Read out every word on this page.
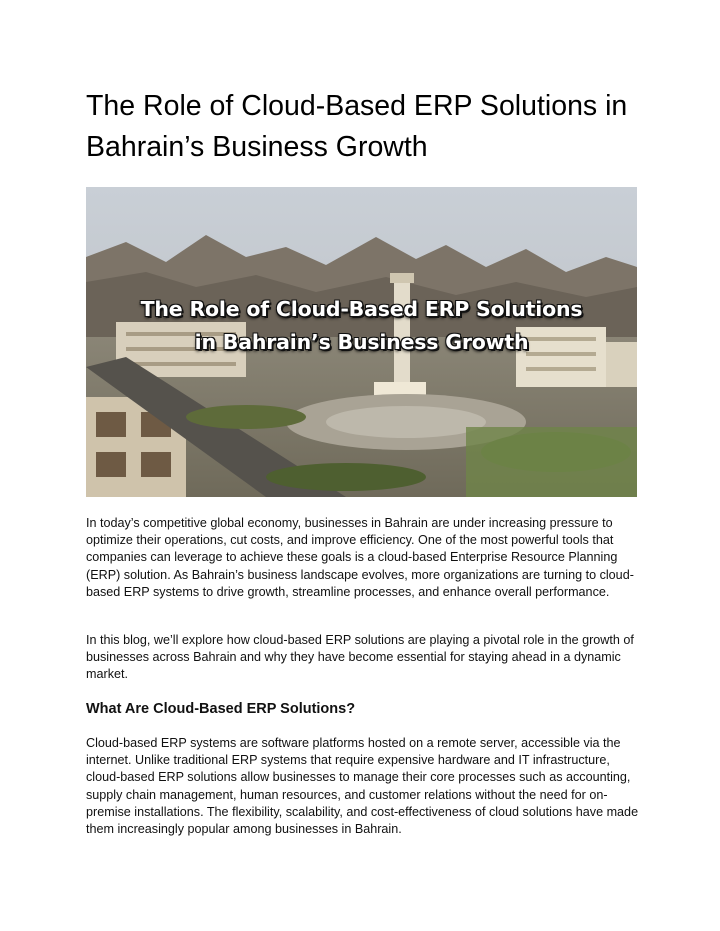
The Role of Cloud-Based ERP Solutions in Bahrain’s Business Growth
The Role of Cloud-Based ERP Solutions
in Bahrain’s Business Growth

In today’s competitive global economy, businesses in Bahrain are under increasing pressure to optimize their operations, cut costs, and improve efficiency. One of the most powerful tools that companies can leverage to achieve these goals is a cloud-based Enterprise Resource Planning (ERP) solution. As Bahrain’s business landscape evolves, more organizations are turning to cloud-based ERP systems to drive growth, streamline processes, and enhance overall performance.

In this blog, we’ll explore how cloud-based ERP solutions are playing a pivotal role in the growth of businesses across Bahrain and why they have become essential for staying ahead in a dynamic market.

What Are Cloud-Based ERP Solutions?

Cloud-based ERP systems are software platforms hosted on a remote server, accessible via the internet. Unlike traditional ERP systems that require expensive hardware and IT infrastructure, cloud-based ERP solutions allow businesses to manage their core processes such as accounting, supply chain management, human resources, and customer relations without the need for on-premise installations. The flexibility, scalability, and cost-effectiveness of cloud solutions have made them increasingly popular among businesses in Bahrain.
